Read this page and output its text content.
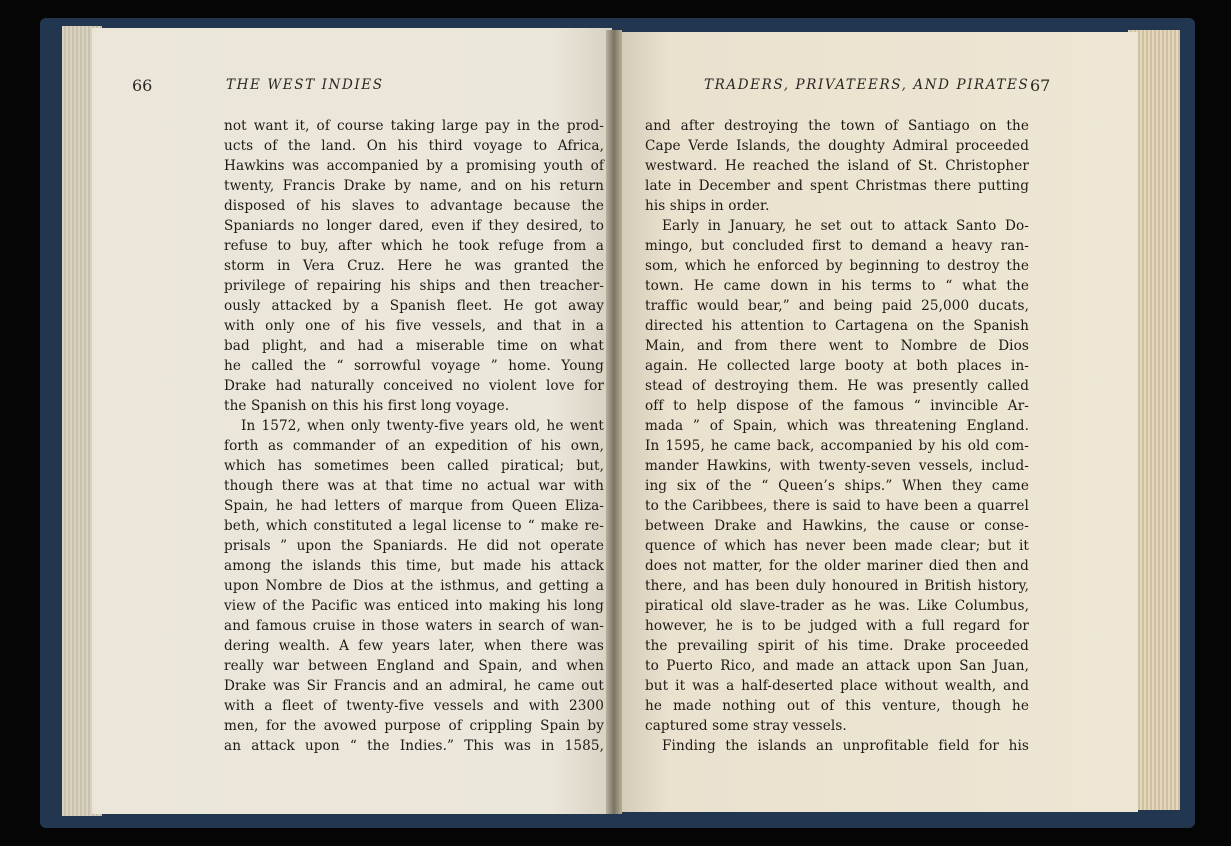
66	THE WEST INDIES	TRADERS, PRIVATEERS, AND PIRATES 67
not want it, of course taking large pay in the prod-
ucts of the land. On his third voyage to Africa,
Hawkins was accompanied by a promising youth of
twenty, Francis Drake by name, and on his return
disposed of his slaves to advantage because the
Spaniards no longer dared, even if they desired, to
refuse to buy, after which he took refuge from a
storm in Vera Cruz. Here he was granted the
privilege of repairing his ships and then treacher-
ously attacked by a Spanish fleet. He got away
with only one of his five vessels, and that in a
bad plight, and had a miserable time on what
he called the “ sorrowful voyage ” home. Young
Drake had naturally conceived no violent love for
the Spanish on this his first long voyage.
In 1572, when only twenty-five years old, he went
forth as commander of an expedition of his own,
which has sometimes been called piratical; but,
though there was at that time no actual war with
Spain, he had letters of marque from Queen Eliza-
beth, which constituted a legal license to “ make re-
prisals ” upon the Spaniards. He did not operate
among the islands this time, but made his attack
upon Nombre de Dios at the isthmus, and getting a
view of the Pacific was enticed into making his long
and famous cruise in those waters in search of wan-
dering wealth. A few years later, when there was
really war between England and Spain, and when
Drake was Sir Francis and an admiral, he came out
with a fleet of twenty-five vessels and with 2300
men, for the avowed purpose of crippling Spain by
an attack upon “ the Indies.” This was in 1585,
and after destroying the town of Santiago on the
Cape Verde Islands, the doughty Admiral proceeded
westward. He reached the island of St. Christopher
late in December and spent Christmas there putting
his ships in order.
Early in January, he set out to attack Santo Do-
mingo, but concluded first to demand a heavy ran-
som, which he enforced by beginning to destroy the
town. He came down in his terms to “ what the
traffic would bear,” and being paid 25,000 ducats,
directed his attention to Cartagena on the Spanish
Main, and from there went to Nombre de Dios
again. He collected large booty at both places in-
stead of destroying them. He was presently called
off to help dispose of the famous “ invincible Ar-
mada ” of Spain, which was threatening England.
In 1595, he came back, accompanied by his old com-
mander Hawkins, with twenty-seven vessels, includ-
ing six of the “ Queen’s ships.” When they came
to the Caribbees, there is said to have been a quarrel
between Drake and Hawkins, the cause or conse-
quence of which has never been made clear; but it
does not matter, for the older mariner died then and
there, and has been duly honoured in British history,
piratical old slave-trader as he was. Like Columbus,
however, he is to be judged with a full regard for
the prevailing spirit of his time. Drake proceeded
to Puerto Rico, and made an attack upon San Juan,
but it was a half-deserted place without wealth, and
he made nothing out of this venture, though he
captured some stray vessels.
Finding the islands an unprofitable field for his
